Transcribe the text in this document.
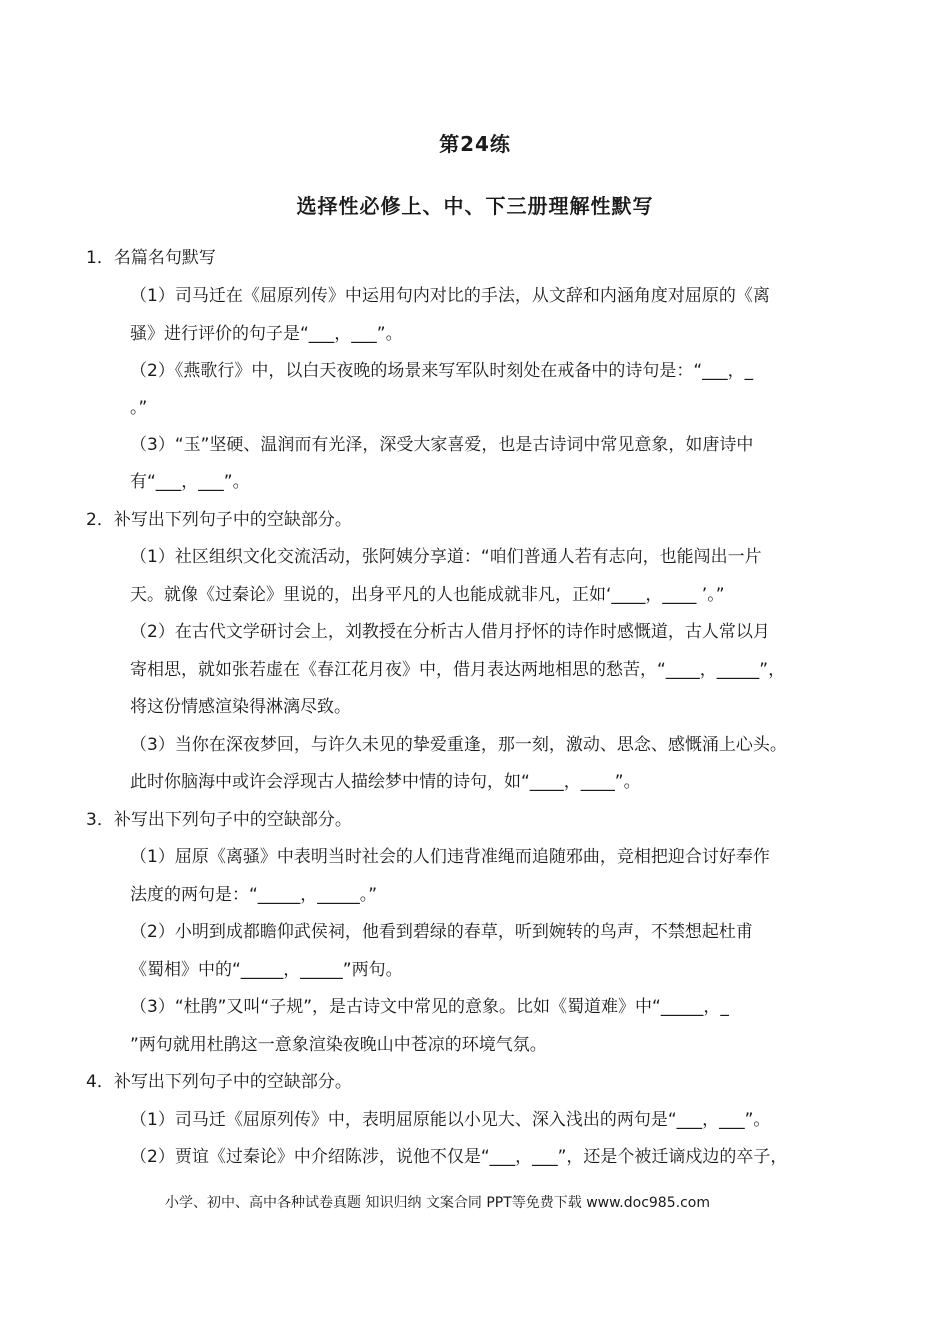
第24练
选择性必修上、中、下三册理解性默写
1．名篇名句默写
（1）司马迁在《屈原列传》中运用句内对比的手法，从文辞和内涵角度对屈原的《离
骚》进行评价的句子是“___，___”。
（2）《燕歌行》中，以白天夜晚的场景来写军队时刻处在戒备中的诗句是：“___，_
。”
（3）“玉”坚硬、温润而有光泽，深受大家喜爱，也是古诗词中常见意象，如唐诗中
有“___，___”。
2．补写出下列句子中的空缺部分。
（1）社区组织文化交流活动，张阿姨分享道：“咱们普通人若有志向，也能闯出一片
天。就像《过秦论》里说的，出身平凡的人也能成就非凡，正如‘____，____ ’。”
（2）在古代文学研讨会上，刘教授在分析古人借月抒怀的诗作时感慨道，古人常以月
寄相思，就如张若虚在《春江花月夜》中，借月表达两地相思的愁苦，“____，_____”，
将这份情感渲染得淋漓尽致。
（3）当你在深夜梦回，与许久未见的挚爱重逢，那一刻，激动、思念、感慨涌上心头。
此时你脑海中或许会浮现古人描绘梦中情的诗句，如“____，____”。
3．补写出下列句子中的空缺部分。
（1）屈原《离骚》中表明当时社会的人们违背准绳而追随邪曲，竞相把迎合讨好奉作
法度的两句是：“_____，_____。”
（2）小明到成都瞻仰武侯祠，他看到碧绿的春草，听到婉转的鸟声，不禁想起杜甫
《蜀相》中的“_____，_____”两句。
（3）“杜鹃”又叫“子规”，是古诗文中常见的意象。比如《蜀道难》中“_____，_
”两句就用杜鹃这一意象渲染夜晚山中苍凉的环境气氛。
4．补写出下列句子中的空缺部分。
（1）司马迁《屈原列传》中，表明屈原能以小见大、深入浅出的两句是“___，___”。
（2）贾谊《过秦论》中介绍陈涉，说他不仅是“___，___”，还是个被迁谪戍边的卒子，
小学、初中、高中各种试卷真题 知识归纳 文案合同 PPT等免费下载 www.doc985.com
